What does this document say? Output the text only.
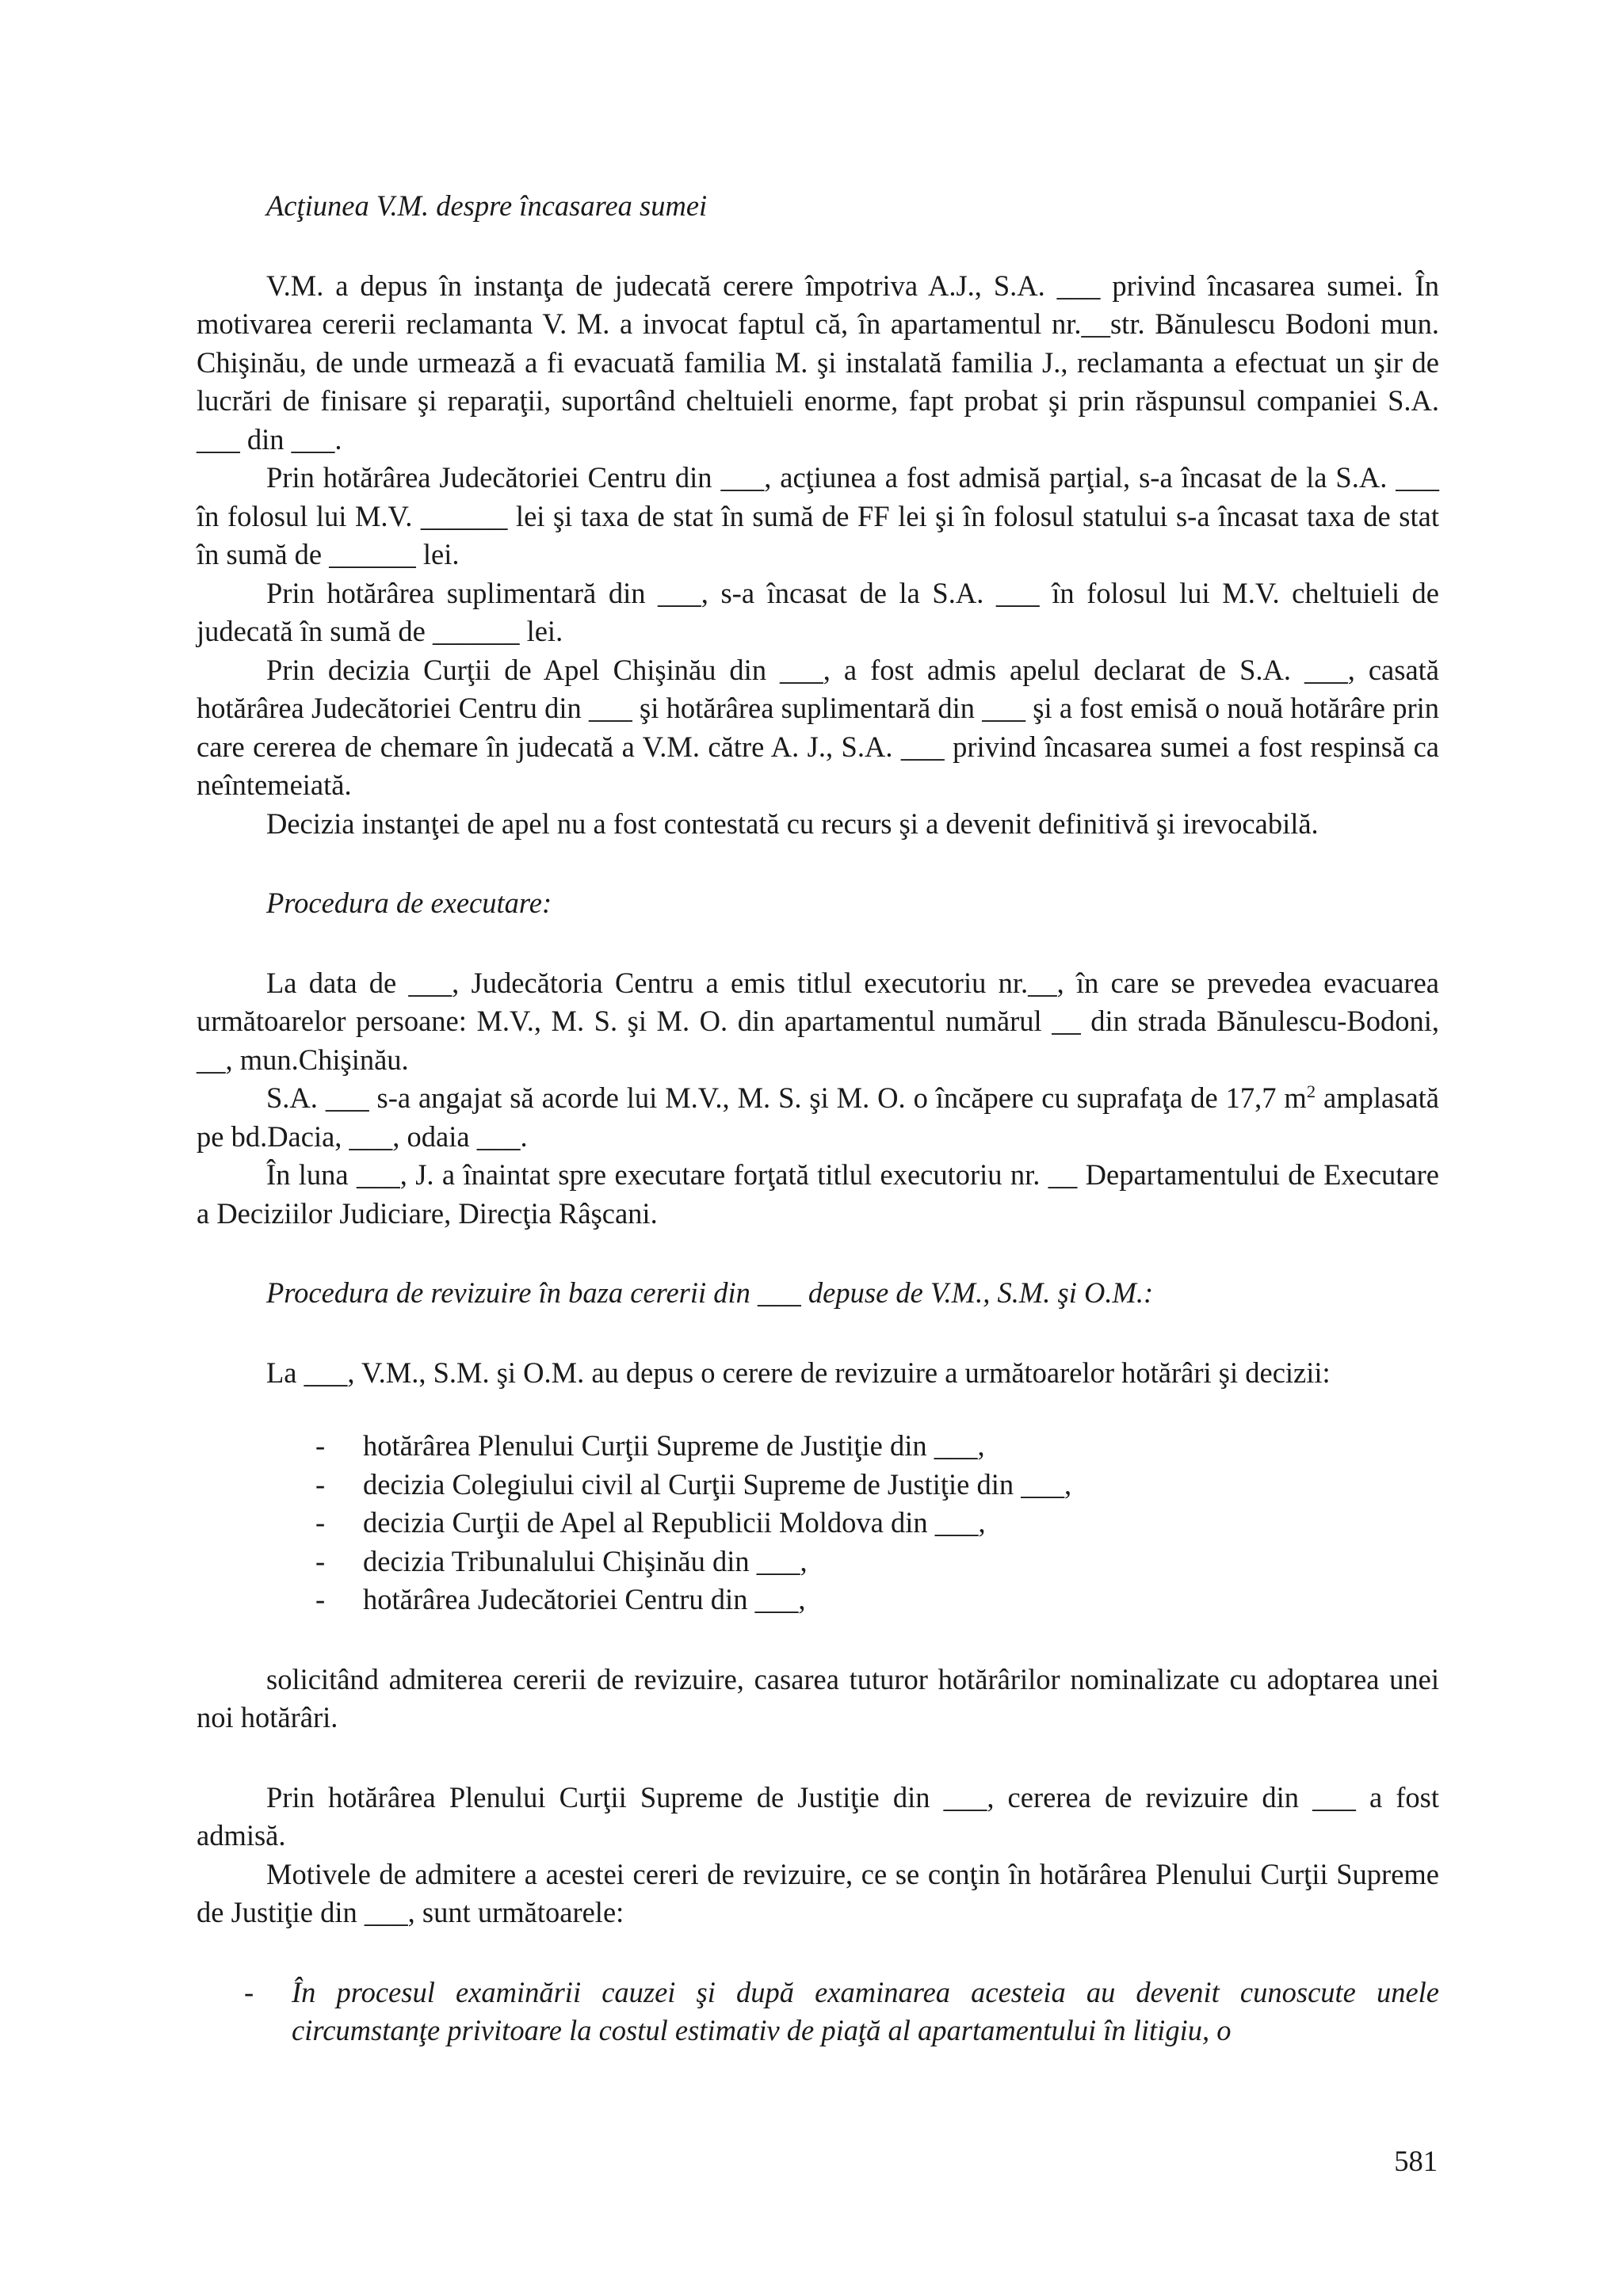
Acţiunea V.M. despre încasarea sumei

V.M. a depus în instanţa de judecată cerere împotriva A.J., S.A. ___ privind încasarea sumei. În motivarea cererii reclamanta V. M. a invocat faptul că, în apartamentul nr.__str. Bănulescu Bodoni mun. Chişinău, de unde urmează a fi evacuată familia M. şi instalată familia J., reclamanta a efectuat un şir de lucrări de finisare şi reparaţii, suportând cheltuieli enorme, fapt probat şi prin răspunsul companiei S.A. ___ din ___.

Prin hotărârea Judecătoriei Centru din ___, acţiunea a fost admisă parţial, s-a încasat de la S.A. ___ în folosul lui M.V. ______ lei şi taxa de stat în sumă de FF lei şi în folosul statului s-a încasat taxa de stat în sumă de ______ lei.

Prin hotărârea suplimentară din ___, s-a încasat de la S.A. ___ în folosul lui M.V. cheltuieli de judecată în sumă de ______ lei.

Prin decizia Curţii de Apel Chişinău din ___, a fost admis apelul declarat de S.A. ___, casată hotărârea Judecătoriei Centru din ___ şi hotărârea suplimentară din ___ şi a fost emisă o nouă hotărâre prin care cererea de chemare în judecată a V.M. către A. J., S.A. ___ privind încasarea sumei a fost respinsă ca neîntemeiată.

Decizia instanţei de apel nu a fost contestată cu recurs şi a devenit definitivă şi irevocabilă.

Procedura de executare:

La data de ___, Judecătoria Centru a emis titlul executoriu nr.__, în care se prevedea evacuarea următoarelor persoane: M.V., M. S. şi M. O. din apartamentul numărul __ din strada Bănulescu-Bodoni, __, mun.Chişinău.

S.A. ___ s-a angajat să acorde lui M.V., M. S. şi M. O. o încăpere cu suprafaţa de 17,7 $m^2$ amplasată pe bd.Dacia, ___, odaia ___.

În luna ___, J. a înaintat spre executare forţată titlul executoriu nr. __ Departamentului de Executare a Deciziilor Judiciare, Direcţia Râşcani.

Procedura de revizuire în baza cererii din ___ depuse de V.M., S.M. şi O.M.:

La ___, V.M., S.M. şi O.M. au depus o cerere de revizuire a următoarelor hotărâri şi decizii:

- hotărârea Plenului Curţii Supreme de Justiţie din ___,
- decizia Colegiului civil al Curţii Supreme de Justiţie din ___,
- decizia Curţii de Apel al Republicii Moldova din ___,
- decizia Tribunalului Chişinău din ___,
- hotărârea Judecătoriei Centru din ___,

solicitând admiterea cererii de revizuire, casarea tuturor hotărârilor nominalizate cu adoptarea unei noi hotărâri.

Prin hotărârea Plenului Curţii Supreme de Justiţie din ___, cererea de revizuire din ___ a fost admisă.

Motivele de admitere a acestei cereri de revizuire, ce se conţin în hotărârea Plenului Curţii Supreme de Justiţie din ___, sunt următoarele:

- În procesul examinării cauzei şi după examinarea acesteia au devenit cunoscute unele circumstanţe privitoare la costul estimativ de piaţă al apartamentului în litigiu, o

581
